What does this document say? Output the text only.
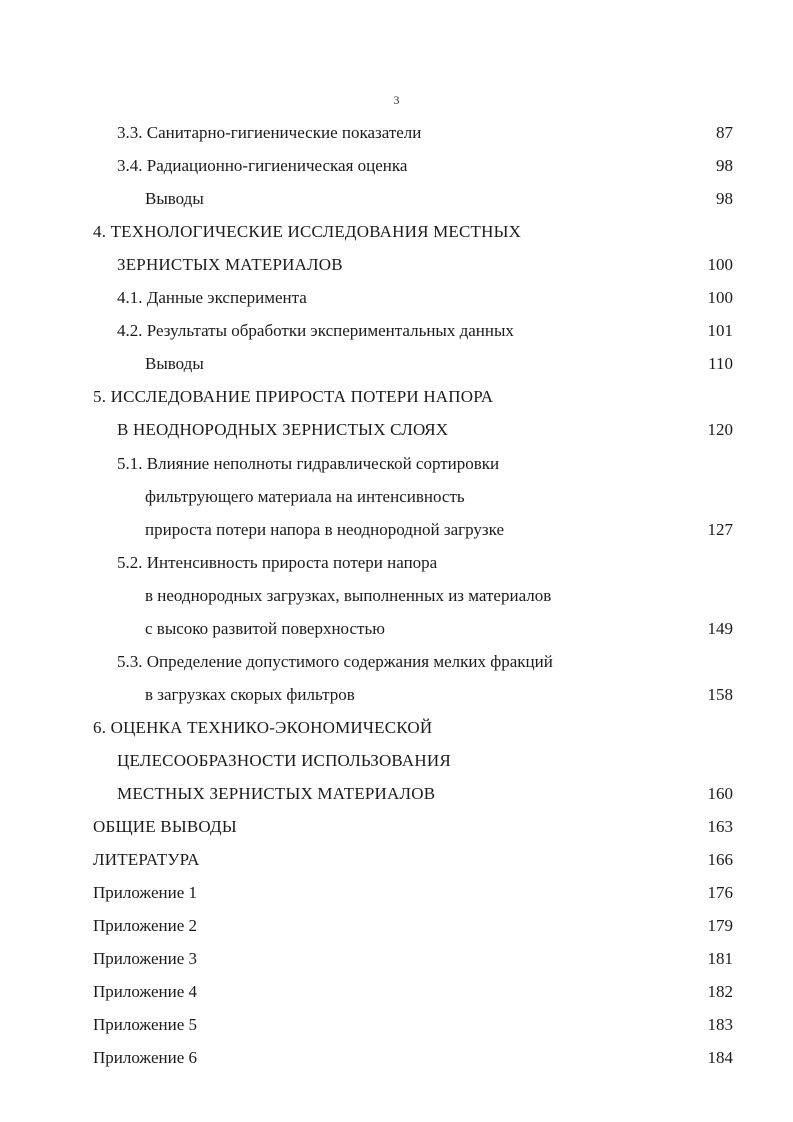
3
3.3. Санитарно-гигиенические показатели	87
3.4. Радиационно-гигиеническая оценка	98
Выводы	98
4. ТЕХНОЛОГИЧЕСКИЕ ИССЛЕДОВАНИЯ МЕСТНЫХ
ЗЕРНИСТЫХ МАТЕРИАЛОВ	100
4.1. Данные эксперимента	100
4.2. Результаты обработки экспериментальных данных	101
Выводы	110
5. ИССЛЕДОВАНИЕ ПРИРОСТА ПОТЕРИ НАПОРА
В НЕОДНОРОДНЫХ ЗЕРНИСТЫХ СЛОЯХ	120
5.1. Влияние неполноты гидравлической сортировки
фильтрующего материала на интенсивность
прироста потери напора в неоднородной загрузке	127
5.2. Интенсивность прироста потери напора
в неоднородных загрузках, выполненных из материалов
с высоко развитой поверхностью	149
5.3. Определение допустимого содержания мелких фракций
в загрузках скорых фильтров	158
6. ОЦЕНКА ТЕХНИКО-ЭКОНОМИЧЕСКОЙ
ЦЕЛЕСООБРАЗНОСТИ ИСПОЛЬЗОВАНИЯ
МЕСТНЫХ ЗЕРНИСТЫХ МАТЕРИАЛОВ	160
ОБЩИЕ ВЫВОДЫ	163
ЛИТЕРАТУРА	166
Приложение 1	176
Приложение 2	179
Приложение 3	181
Приложение 4	182
Приложение 5	183
Приложение 6	184
